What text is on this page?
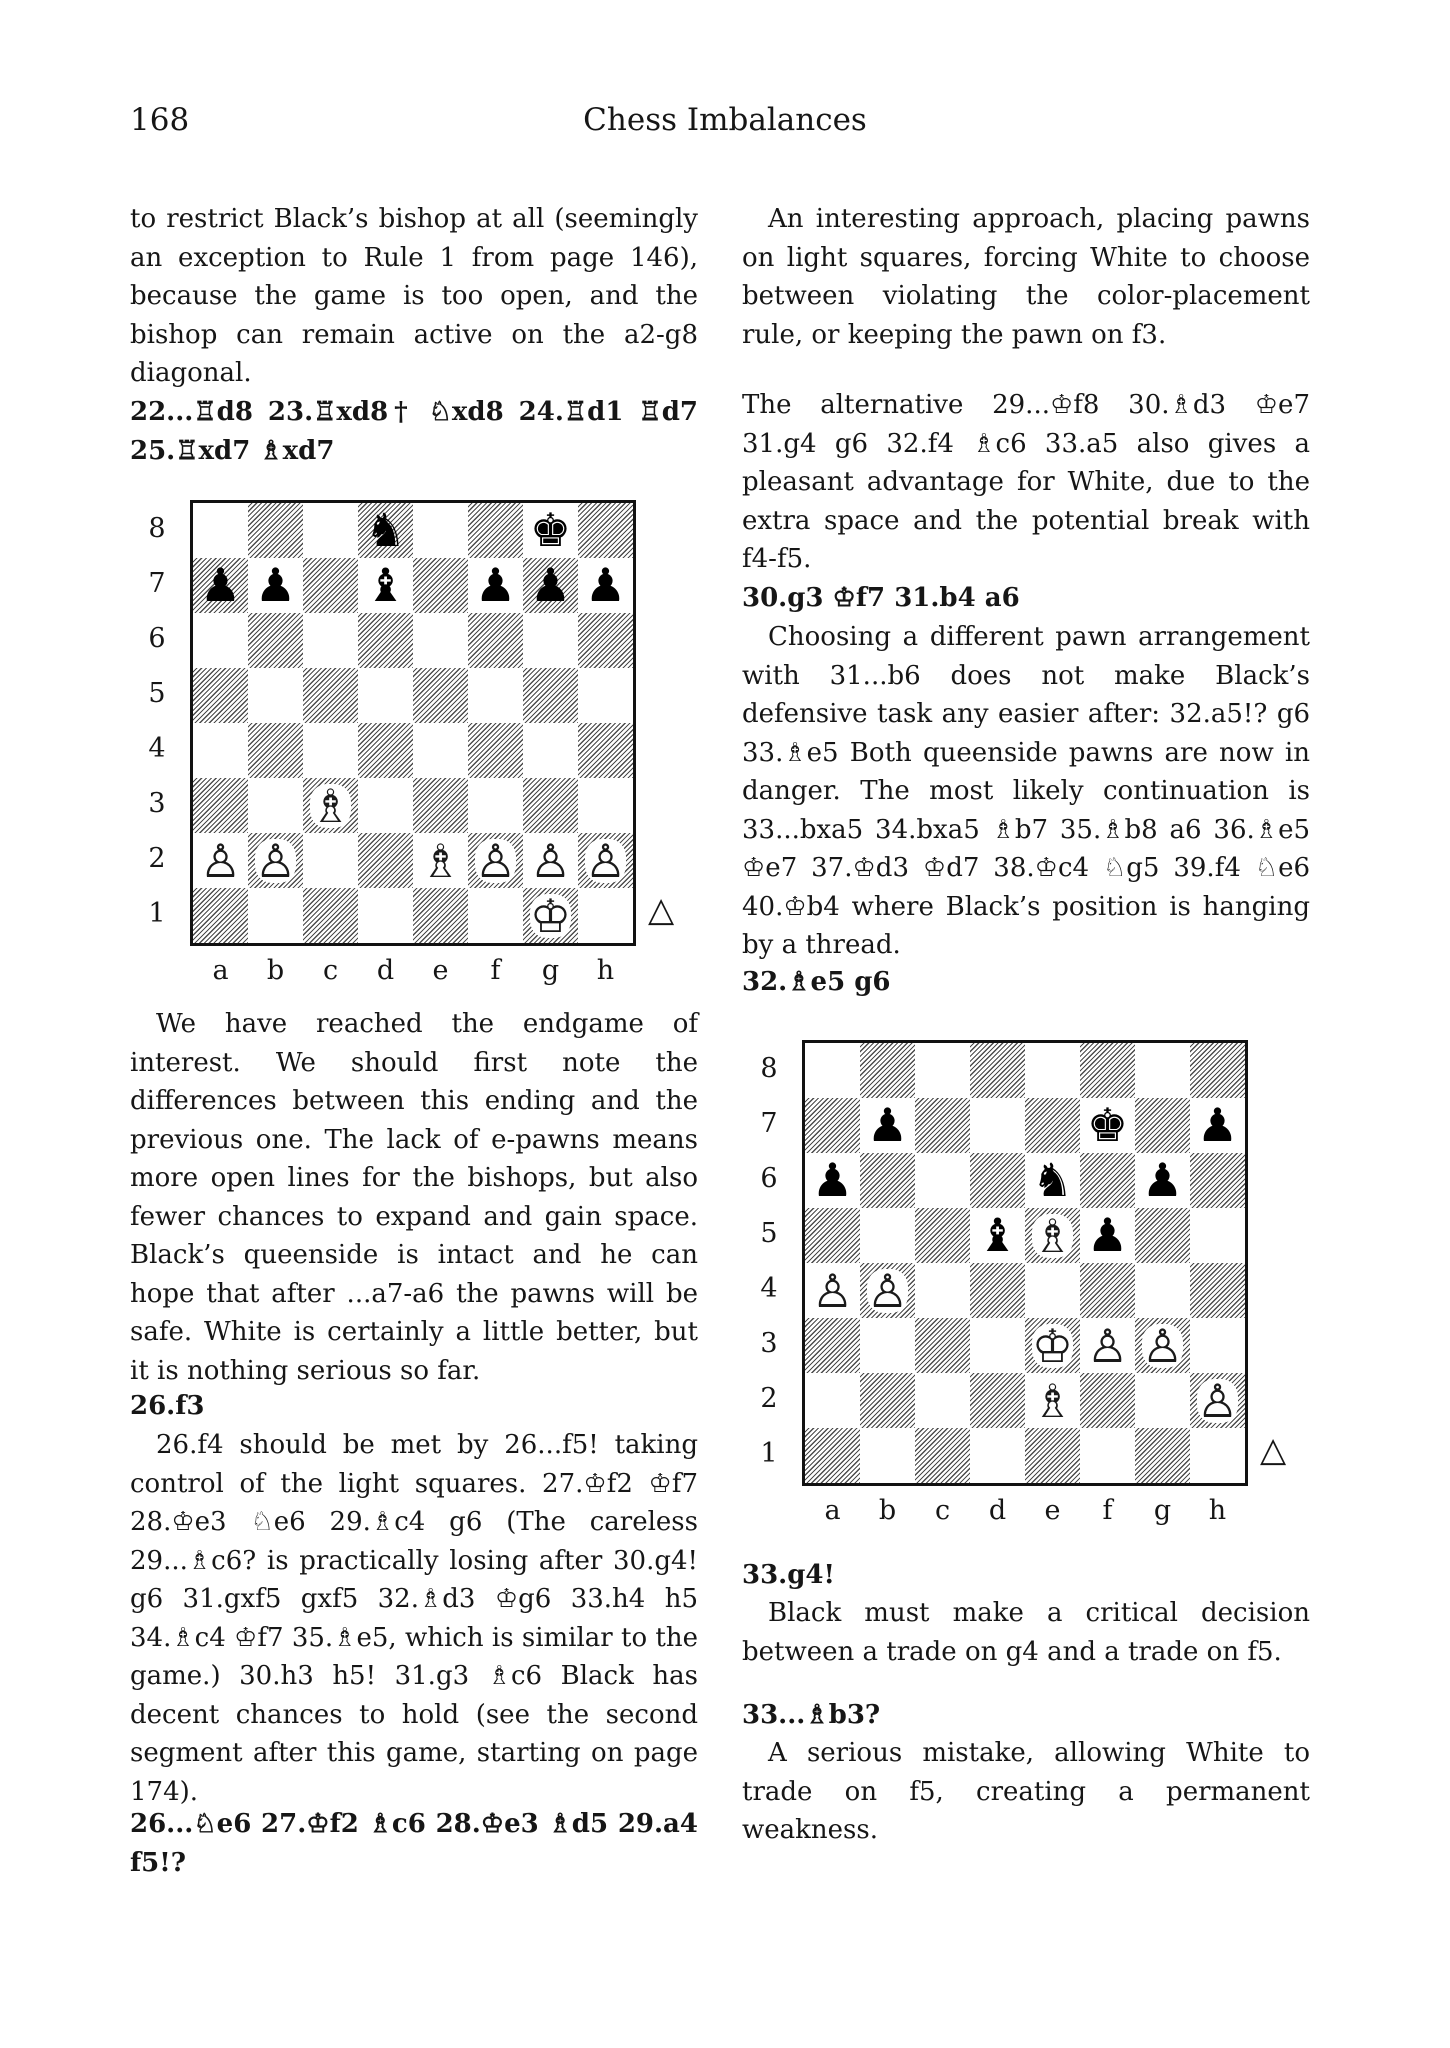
168	Chess Imbalances

to restrict Black’s bishop at all (seemingly an exception to Rule 1 from page 146), because the game is too open, and the bishop can remain active on the a2-g8 diagonal.

22...♖d8 23.♖xd8† ♘xd8 24.♖d1 ♖d7 25.♖xd7 ♗xd7

♞	♚
♟ ♟ ♝ ♟ ♟ ♟
♗
♙ ♙	♗ ♙ ♙ ♙
♔
8
7
6
5
4
3
2
1
a	b	c	d	e	f	g	h
△

We have reached the endgame of interest. We should first note the differences between this ending and the previous one. The lack of e-pawns means more open lines for the bishops, but also fewer chances to expand and gain space. Black’s queenside is intact and he can hope that after ...a7-a6 the pawns will be safe. White is certainly a little better, but it is nothing serious so far.

26.f3

26.f4 should be met by 26...f5! taking control of the light squares. 27.♔f2 ♔f7 28.♔e3 ♘e6 29.♗c4 g6 (The careless 29...♗c6? is practically losing after 30.g4! g6 31.gxf5 gxf5 32.♗d3 ♔g6 33.h4 h5 34.♗c4 ♔f7 35.♗e5, which is similar to the game.) 30.h3 h5! 31.g3 ♗c6 Black has decent chances to hold (see the second segment after this game, starting on page 174).

26...♘e6 27.♔f2 ♗c6 28.♔e3 ♗d5 29.a4 f5!?

An interesting approach, placing pawns on light squares, forcing White to choose between violating the color-placement rule, or keeping the pawn on f3.

The alternative 29...♔f8 30.♗d3 ♔e7 31.g4 g6 32.f4 ♗c6 33.a5 also gives a pleasant advantage for White, due to the extra space and the potential break with f4-f5.

30.g3 ♔f7 31.b4 a6

Choosing a different pawn arrangement with 31...b6 does not make Black’s defensive task any easier after: 32.a5!? g6 33.♗e5 Both queenside pawns are now in danger. The most likely continuation is 33...bxa5 34.bxa5 ♗b7 35.♗b8 a6 36.♗e5 ♔e7 37.♔d3 ♔d7 38.♔c4 ♘g5 39.f4 ♘e6 40.♔b4 where Black’s position is hanging by a thread.

32.♗e5 g6

♟	♚ ♟
♟	♞ ♟
♝ ♗ ♟
♙ ♙
♔ ♙ ♙
♗	♙
8
7
6
5
4
3
2
1
a	b	c	d	e	f	g	h
△

33.g4!

Black must make a critical decision between a trade on g4 and a trade on f5.

33...♗b3?

A serious mistake, allowing White to trade on f5, creating a permanent weakness.
